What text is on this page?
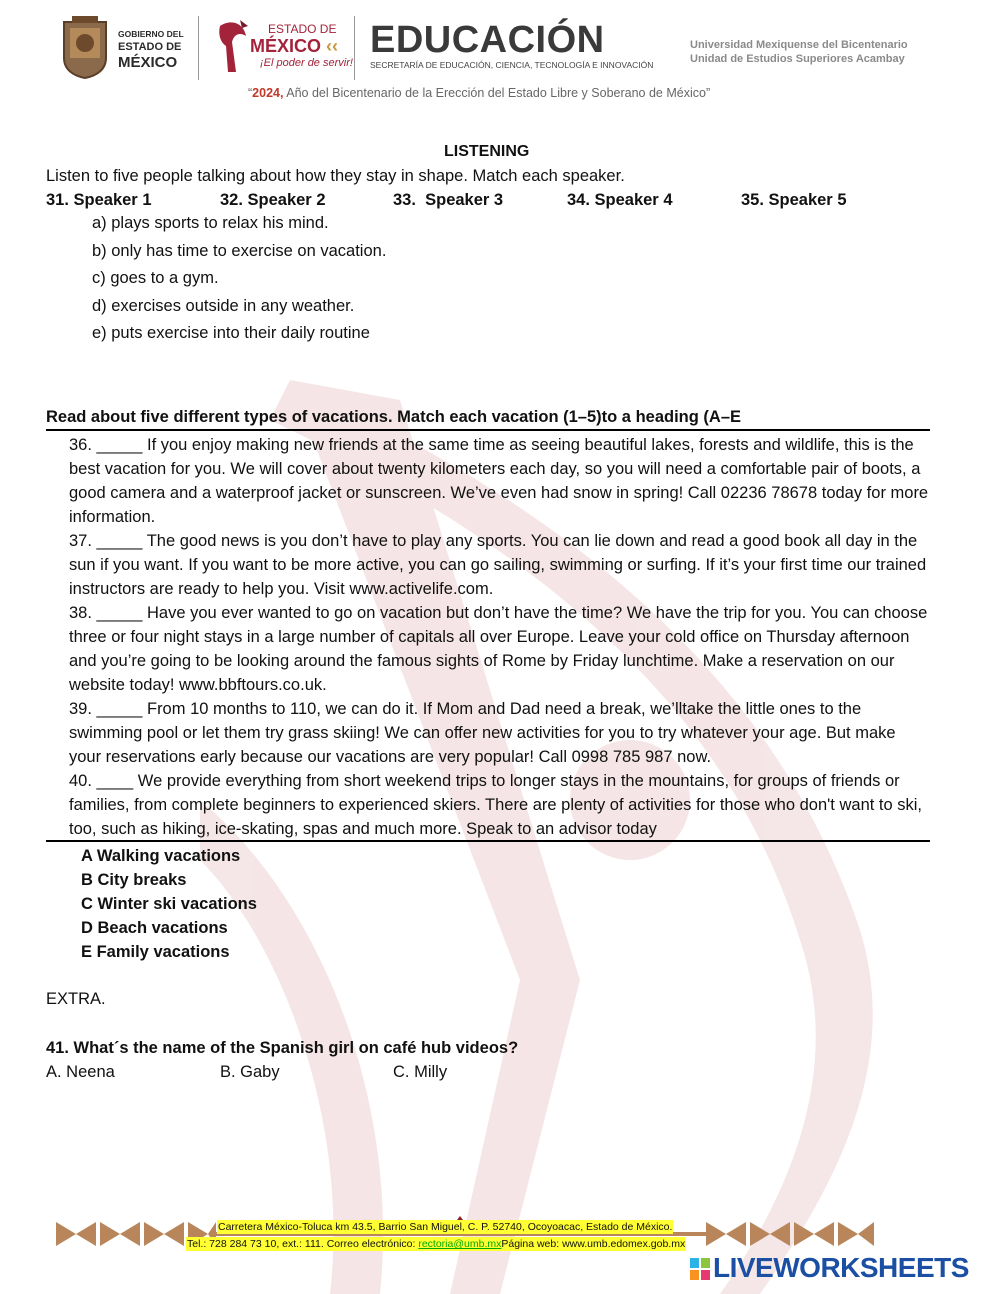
GOBIERNO DEL
ESTADO DE
MÉXICO
ESTADO DE
MÉXICO ‹‹
¡El poder de servir!
EDUCACIÓN
SECRETARÍA DE EDUCACIÓN, CIENCIA, TECNOLOGÍA E INNOVACIÓN
Universidad Mexiquense del Bicentenario
Unidad de Estudios Superiores Acambay
“2024, Año del Bicentenario de la Erección del Estado Libre y Soberano de México”
LISTENING
Listen to five people talking about how they stay in shape. Match each speaker.
31. Speaker 1	32. Speaker 2	33.  Speaker 3	34. Speaker 4	35. Speaker 5
a) plays sports to relax his mind.
b) only has time to exercise on vacation.
c) goes to a gym.
d) exercises outside in any weather.
e) puts exercise into their daily routine
Read about five different types of vacations. Match each vacation (1–5)to a heading (A–E
36. _____ If you enjoy making new friends at the same time as seeing beautiful lakes, forests and wildlife, this is the best vacation for you. We will cover about twenty kilometers each day, so you will need a comfortable pair of boots, a good camera and a waterproof jacket or sunscreen. We’ve even had snow in spring! Call 02236 78678 today for more information.
37. _____ The good news is you don’t have to play any sports. You can lie down and read a good book all day in the sun if you want. If you want to be more active, you can go sailing, swimming or surfing. If it’s your first time our trained instructors are ready to help you. Visit www.activelife.com.
38. _____ Have you ever wanted to go on vacation but don’t have the time? We have the trip for you. You can choose three or four night stays in a large number of capitals all over Europe. Leave your cold office on Thursday afternoon and you’re going to be looking around the famous sights of Rome by Friday lunchtime. Make a reservation on our website today! www.bbftours.co.uk.
39. _____ From 10 months to 110, we can do it. If Mom and Dad need a break, we’lltake the little ones to the swimming pool or let them try grass skiing! We can offer new activities for you to try whatever your age. But make your reservations early because our vacations are very popular! Call 0998 785 987 now.
40. ____ We provide everything from short weekend trips to longer stays in the mountains, for groups of friends or families, from complete beginners to experienced skiers. There are plenty of activities for those who don't want to ski, too, such as hiking, ice-skating, spas and much more. Speak to an advisor today
A Walking vacations
B City breaks
C Winter ski vacations
D Beach vacations
E Family vacations
EXTRA.
41. What´s the name of the Spanish girl on café hub videos?
A. Neena	B. Gaby	C. Milly
Carretera México-Toluca km 43.5, Barrio San Miguel, C. P. 52740, Ocoyoacac, Estado de México.
Tel.: 728 284 73 10, ext.: 111. Correo electrónico: rectoria@umb.mxPágina web: www.umb.edomex.gob.mx
LIVEWORKSHEETS
